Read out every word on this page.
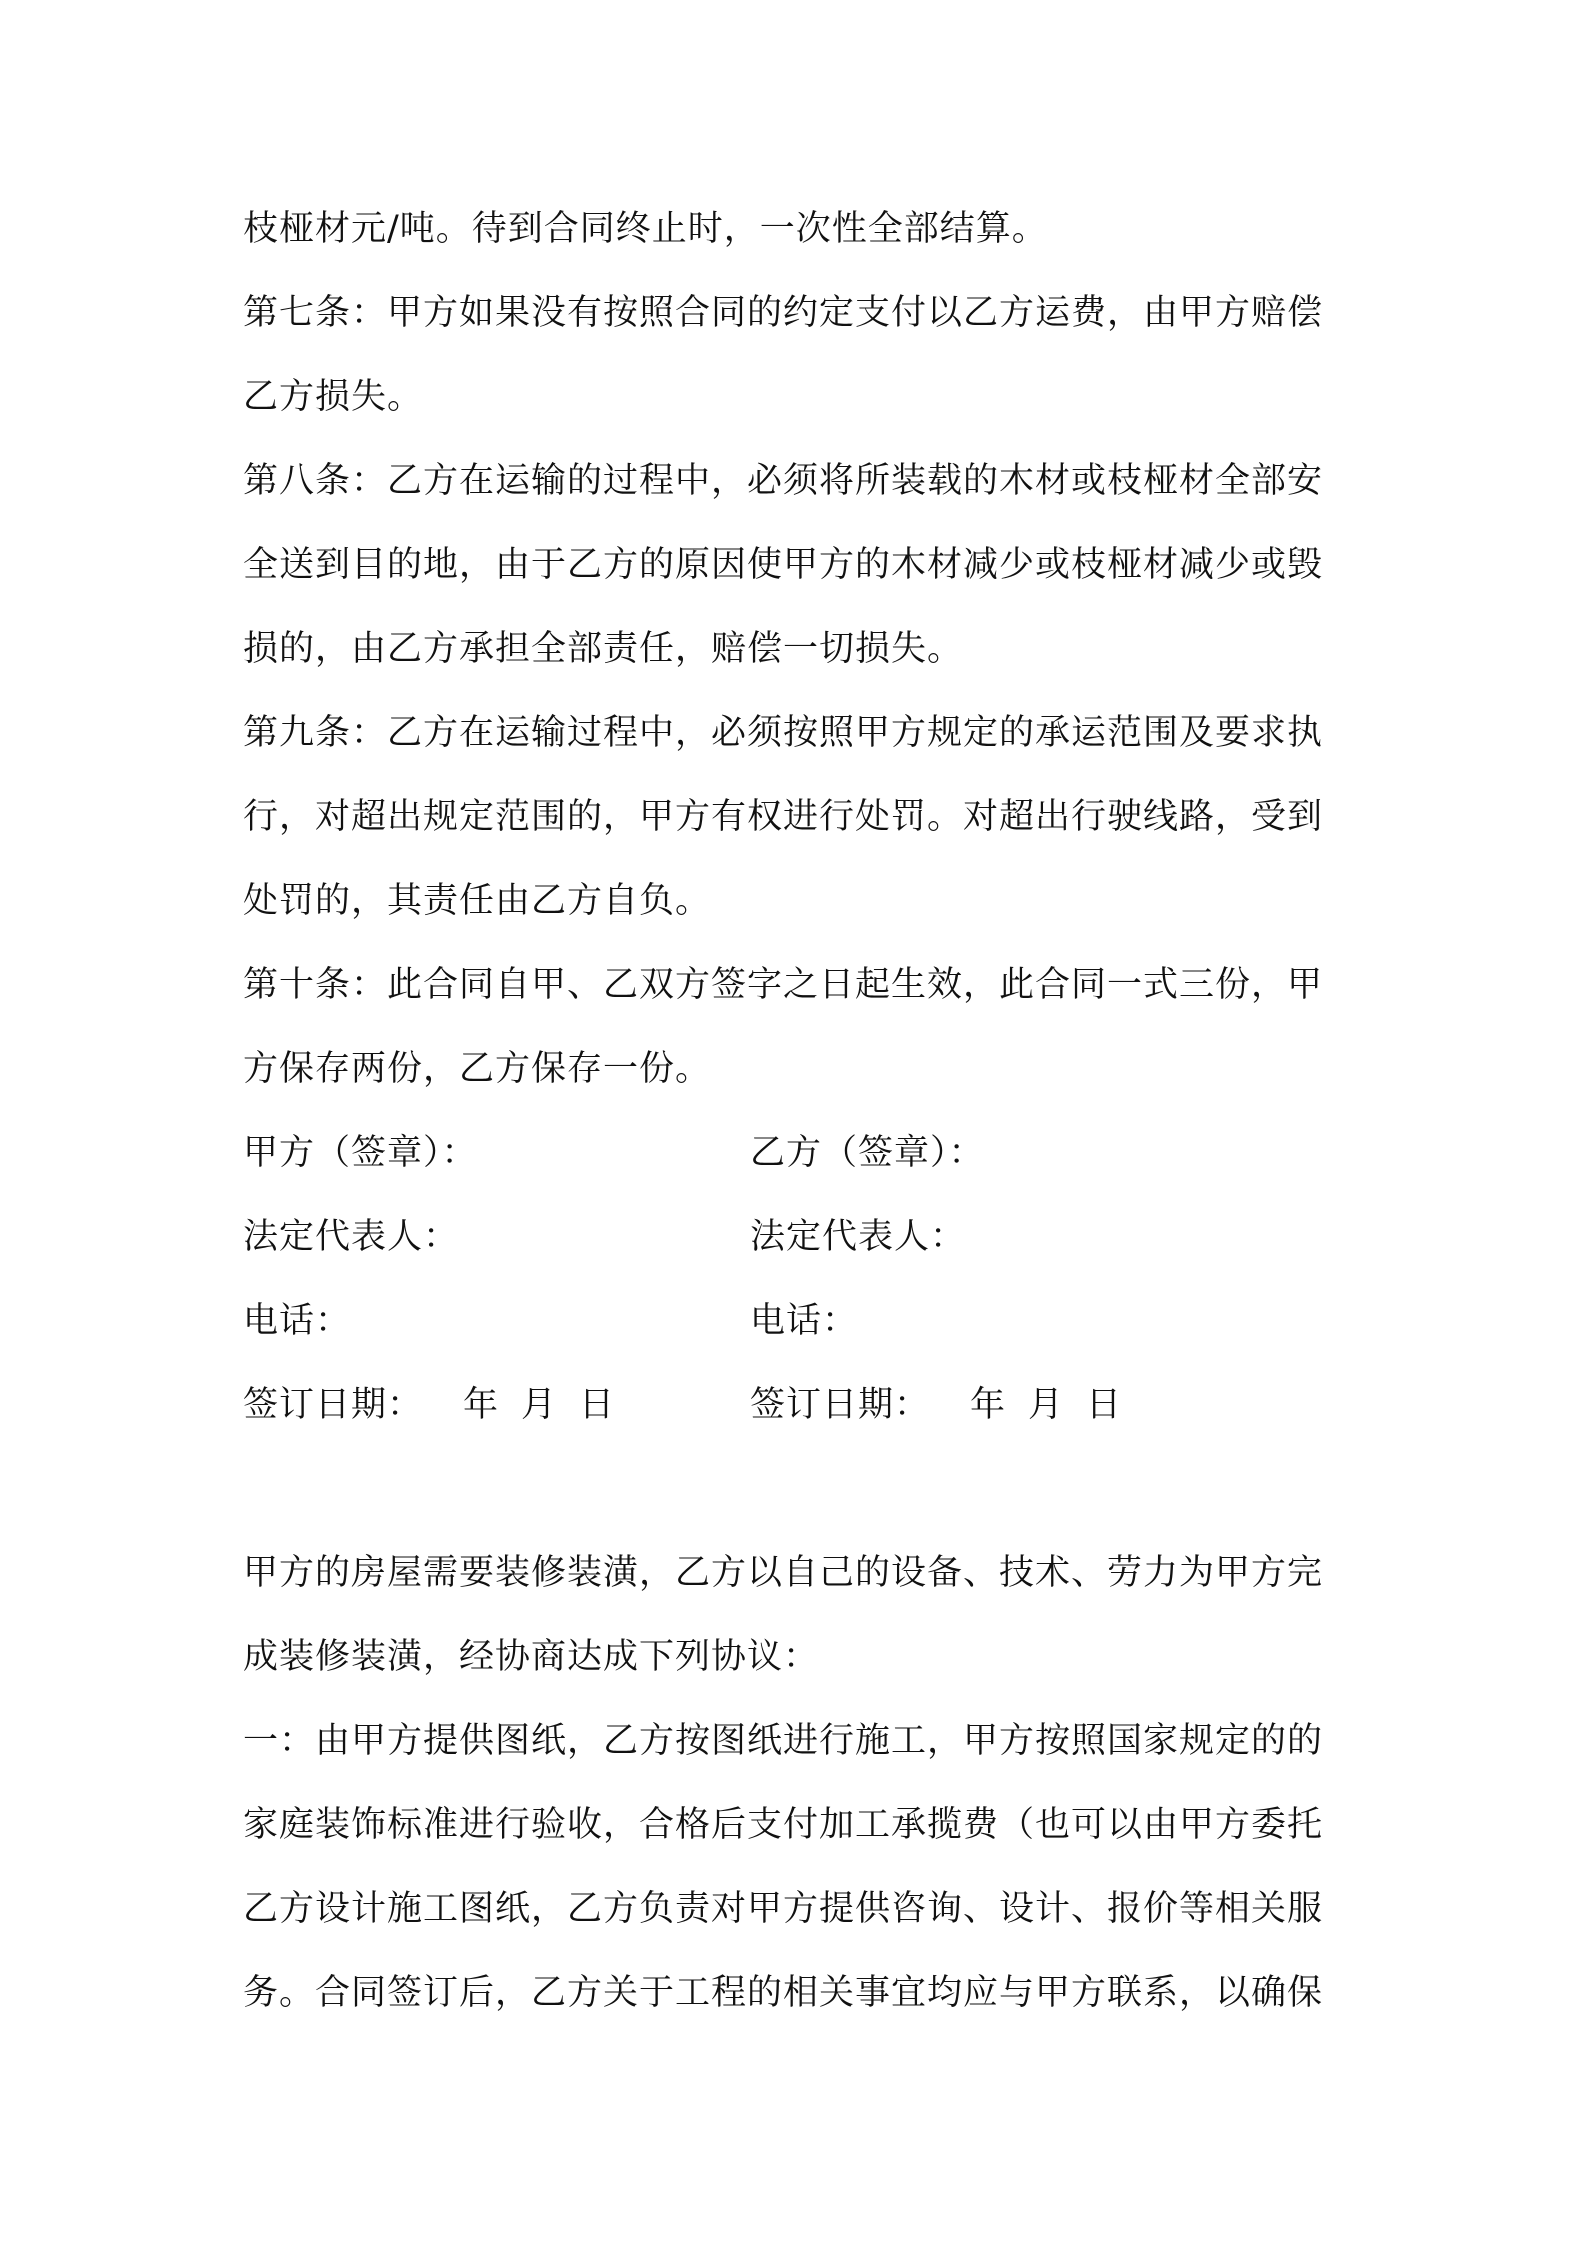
枝桠材元/吨。待到合同终止时，一次性全部结算。
第七条：甲方如果没有按照合同的约定支付以乙方运费，由甲方赔偿
乙方损失。
第八条：乙方在运输的过程中，必须将所装载的木材或枝桠材全部安
全送到目的地，由于乙方的原因使甲方的木材减少或枝桠材减少或毁
损的，由乙方承担全部责任，赔偿一切损失。
第九条：乙方在运输过程中，必须按照甲方规定的承运范围及要求执
行，对超出规定范围的，甲方有权进行处罚。对超出行驶线路，受到
处罚的，其责任由乙方自负。
第十条：此合同自甲、乙双方签字之日起生效，此合同一式三份，甲
方保存两份，乙方保存一份。
甲方（签章）：
法定代表人：
电话：
签订日期： 年 月 日
乙方（签章）：
法定代表人：
电话：
签订日期： 年 月 日
甲方的房屋需要装修装潢，乙方以自己的设备、技术、劳力为甲方完
成装修装潢，经协商达成下列协议：
一：由甲方提供图纸，乙方按图纸进行施工，甲方按照国家规定的的
家庭装饰标准进行验收，合格后支付加工承揽费（也可以由甲方委托
乙方设计施工图纸，乙方负责对甲方提供咨询、设计、报价等相关服
务。合同签订后，乙方关于工程的相关事宜均应与甲方联系，以确保
